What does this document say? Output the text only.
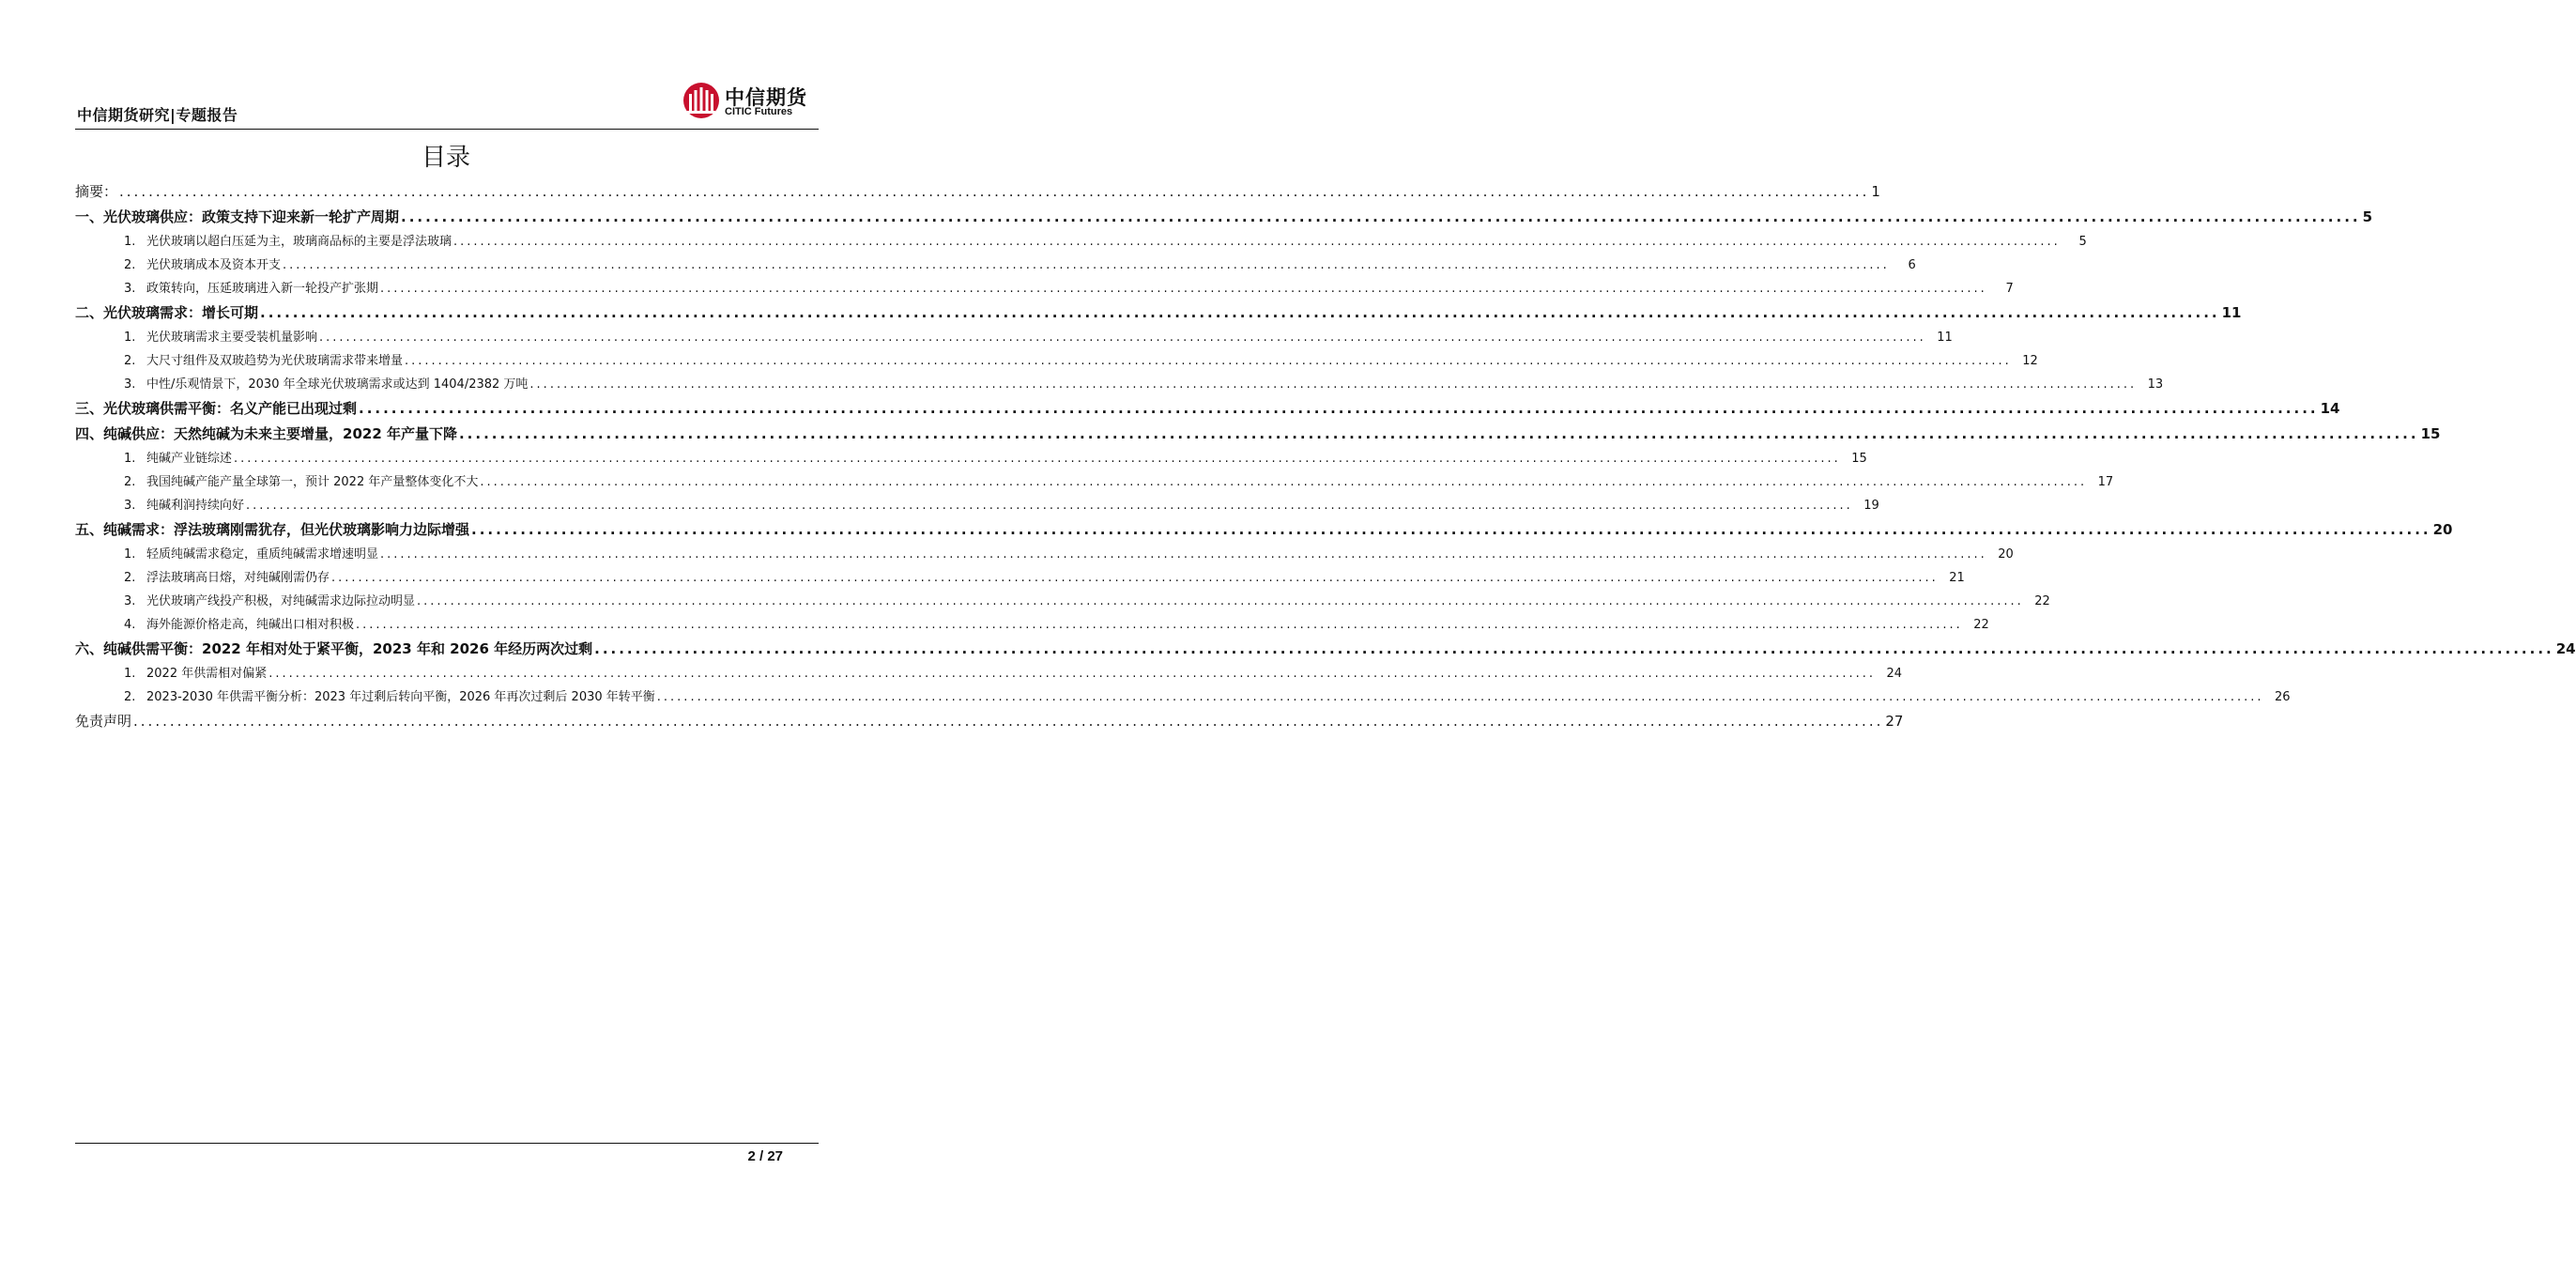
中信期货研究|专题报告
中信期货
CITIC Futures
目录
摘要： .....	1
一、光伏玻璃供应：政策支持下迎来新一轮扩产周期 .....	5
1. 光伏玻璃以超白压延为主，玻璃商品标的主要是浮法玻璃 .....	5
2. 光伏玻璃成本及资本开支 .....	6
3. 政策转向，压延玻璃进入新一轮投产扩张期 .....	7
二、光伏玻璃需求：增长可期 .....	11
1. 光伏玻璃需求主要受装机量影响 .....	11
2. 大尺寸组件及双玻趋势为光伏玻璃需求带来增量 .....	12
3. 中性/乐观情景下，2030 年全球光伏玻璃需求或达到 1404/2382 万吨 .....	13
三、光伏玻璃供需平衡：名义产能已出现过剩 .....	14
四、纯碱供应：天然纯碱为未来主要增量，2022 年产量下降 .....	15
1. 纯碱产业链综述 .....	15
2. 我国纯碱产能产量全球第一，预计 2022 年产量整体变化不大 .....	17
3. 纯碱利润持续向好 .....	19
五、纯碱需求：浮法玻璃刚需犹存，但光伏玻璃影响力边际增强 .....	20
1. 轻质纯碱需求稳定，重质纯碱需求增速明显 .....	20
2. 浮法玻璃高日熔，对纯碱刚需仍存 .....	21
3. 光伏玻璃产线投产积极，对纯碱需求边际拉动明显 .....	22
4. 海外能源价格走高，纯碱出口相对积极 .....	22
六、纯碱供需平衡：2022 年相对处于紧平衡，2023 年和 2026 年经历两次过剩 .....	24
1. 2022 年供需相对偏紧 .....	24
2. 2023-2030 年供需平衡分析：2023 年过剩后转向平衡，2026 年再次过剩后 2030 年转平衡 .....	26
免责声明 .....	27
2 / 27
